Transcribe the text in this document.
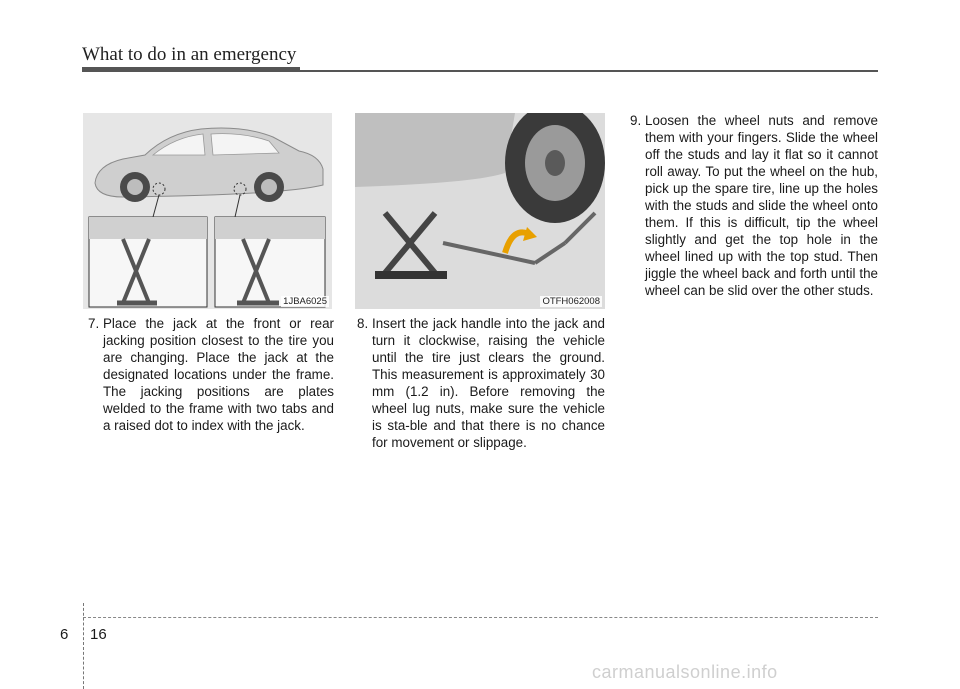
What to do in an emergency
1JBA6025	OTFH062008
7. Place the jack at the front or rear jacking position closest to the tire you are changing. Place the jack at the designated locations under the frame. The jacking positions are plates welded to the frame with two tabs and a raised dot to index with the jack.
8. Insert the jack handle into the jack and turn it clockwise, raising the vehicle until the tire just clears the ground. This measurement is approximately 30 mm (1.2 in). Before removing the wheel lug nuts, make sure the vehicle is sta-ble and that there is no chance for movement or slippage.
9. Loosen the wheel nuts and remove them with your fingers. Slide the wheel off the studs and lay it flat so it cannot roll away. To put the wheel on the hub, pick up the spare tire, line up the holes with the studs and slide the wheel onto them. If this is difficult, tip the wheel slightly and get the top hole in the wheel lined up with the top stud. Then jiggle the wheel back and forth until the wheel can be slid over the other studs.
6 16
carmanualsonline.info
